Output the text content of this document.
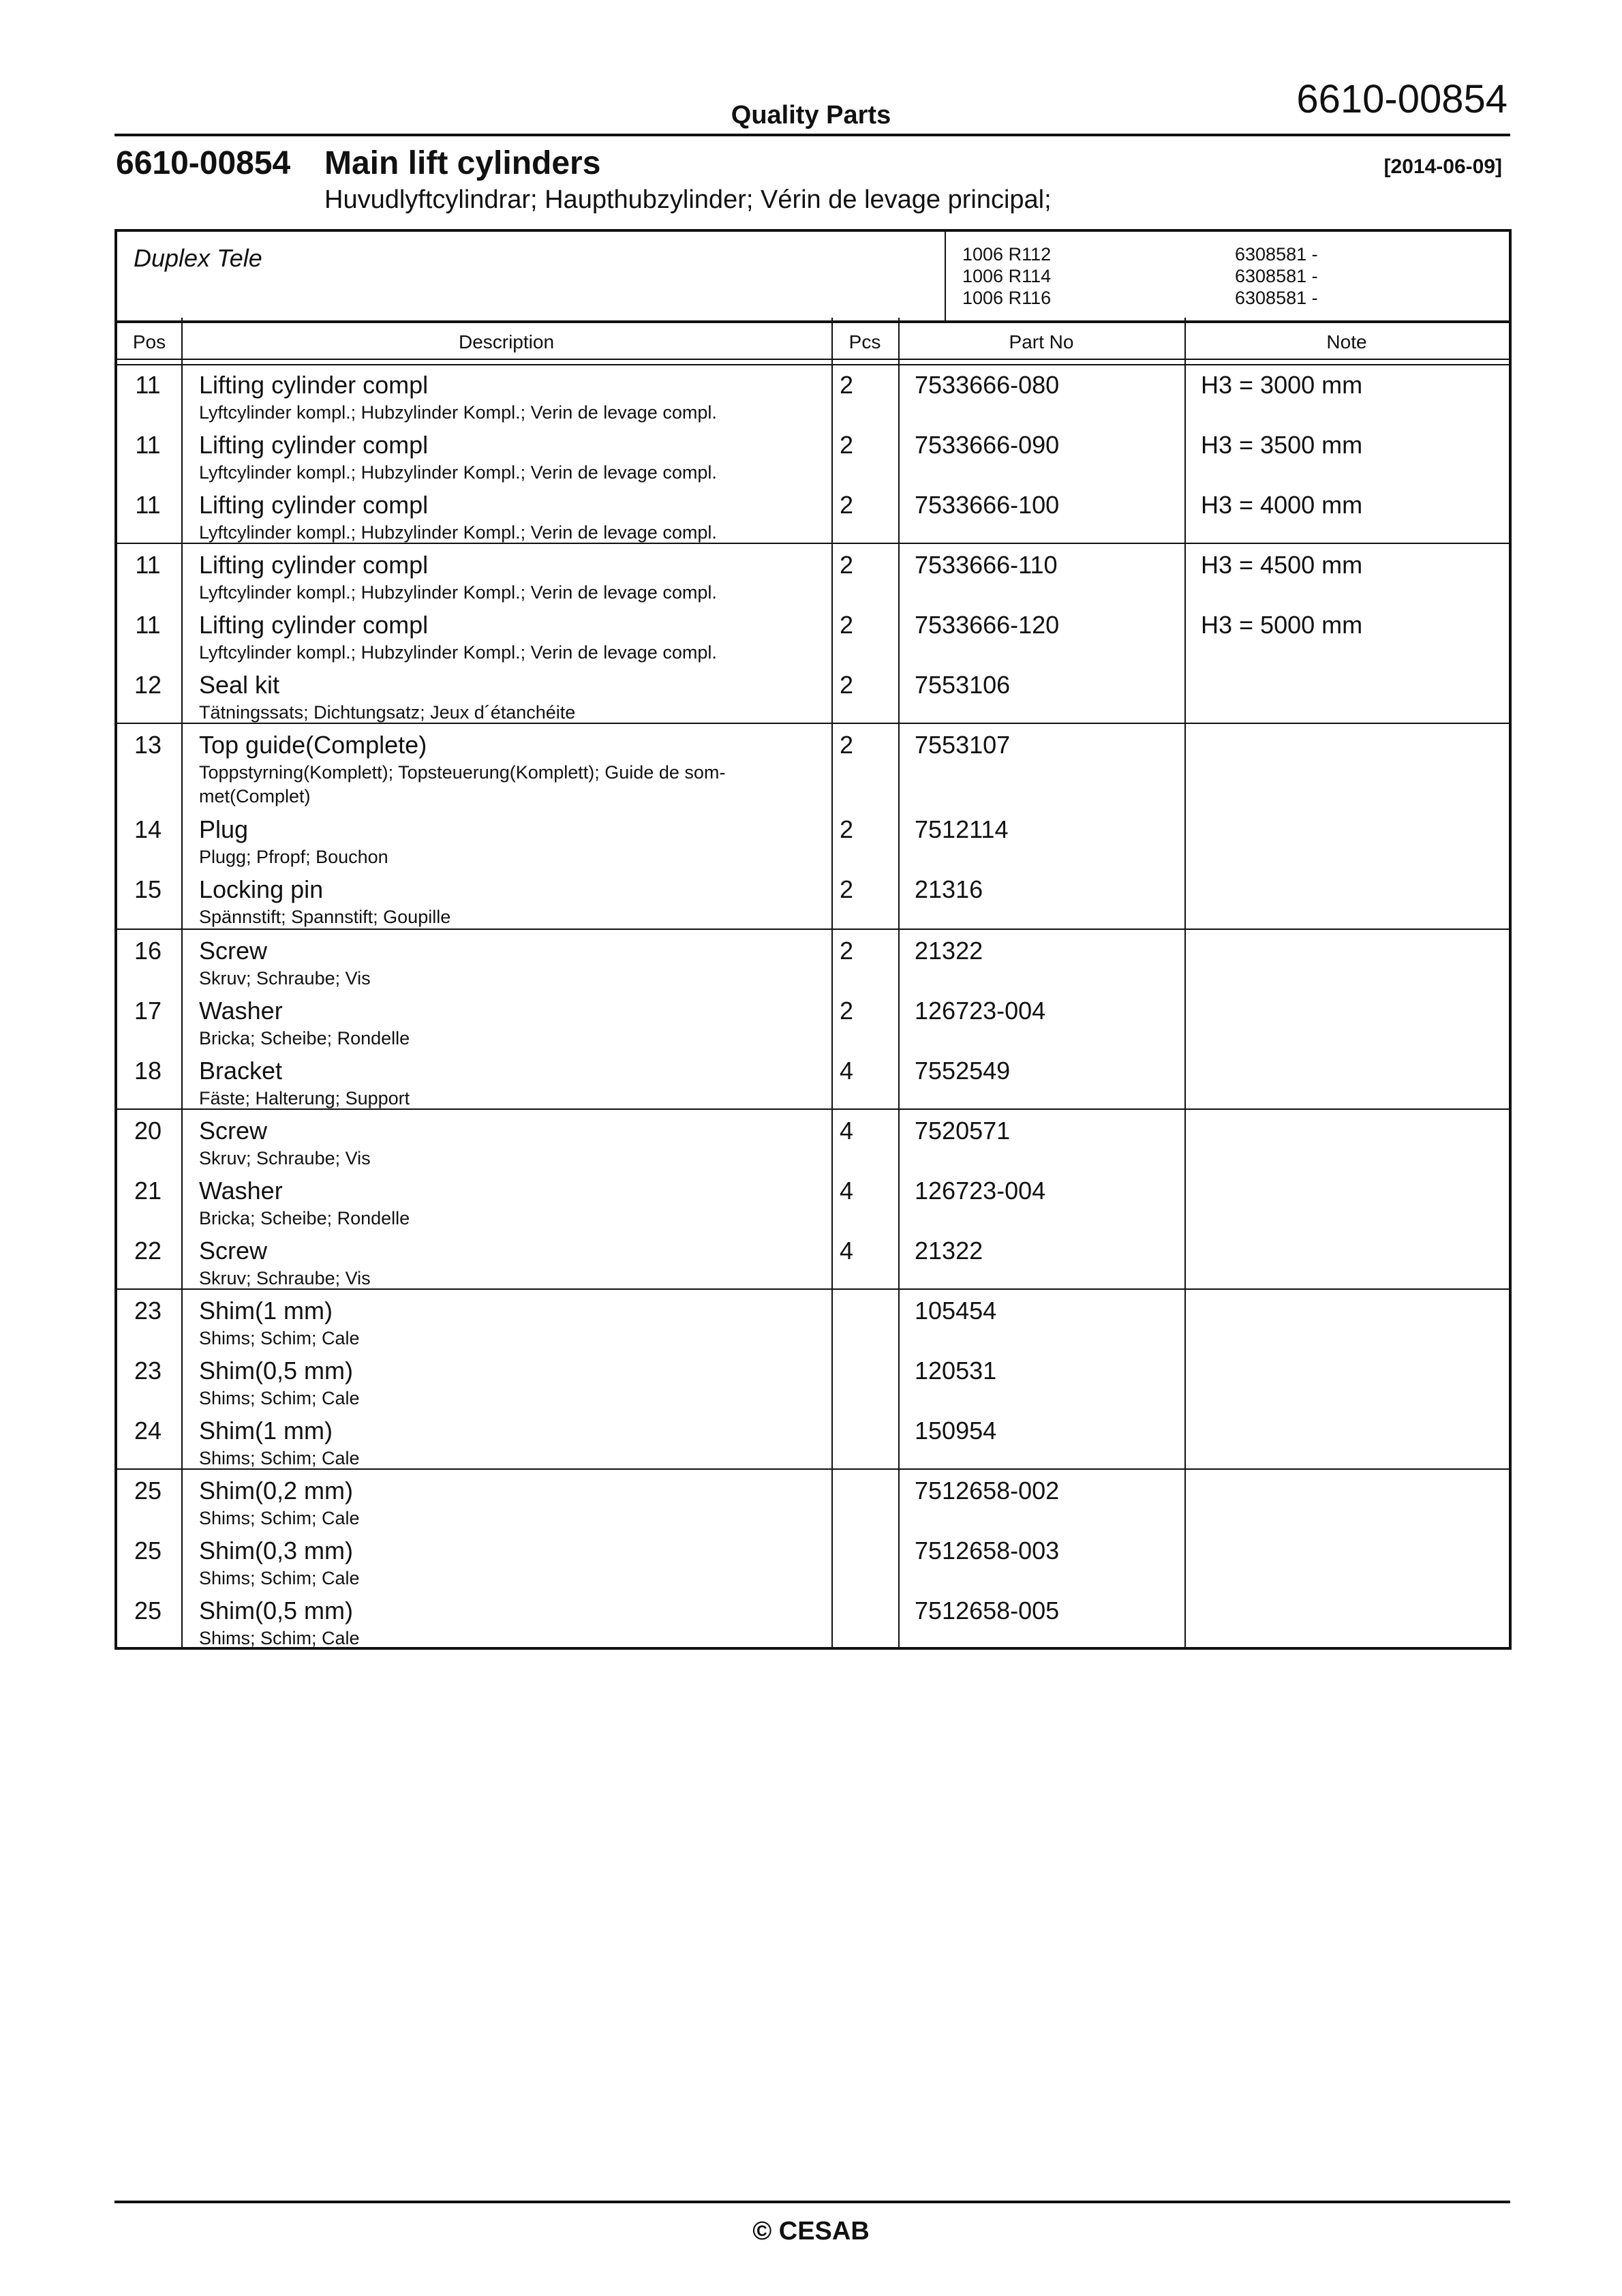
Quality Parts	6610-00854
6610-00854 Main lift cylinders	[2014-06-09]
Huvudlyftcylindrar; Haupthubzylinder; Vérin de levage principal;
Duplex Tele	1006 R112	6308581 -
1006 R114	6308581 -
1006 R116	6308581 -
Pos	Description	Pcs	Part No	Note
11	Lifting cylinder compl
Lyftcylinder kompl.; Hubzylinder Kompl.; Verin de levage compl.
2 7533666-080	H3 = 3000 mm
11	Lifting cylinder compl
Lyftcylinder kompl.; Hubzylinder Kompl.; Verin de levage compl.
2 7533666-090	H3 = 3500 mm
11	Lifting cylinder compl
Lyftcylinder kompl.; Hubzylinder Kompl.; Verin de levage compl.
2 7533666-100	H3 = 4000 mm
11	Lifting cylinder compl
Lyftcylinder kompl.; Hubzylinder Kompl.; Verin de levage compl.
2 7533666-110	H3 = 4500 mm
11	Lifting cylinder compl
Lyftcylinder kompl.; Hubzylinder Kompl.; Verin de levage compl.
2 7533666-120	H3 = 5000 mm
12	Seal kit
Tätningssats; Dichtungsatz; Jeux d´étanchéite
2 7553106
13	Top guide(Complete)
Toppstyrning(Komplett); Topsteuerung(Komplett); Guide de som-met(Complet)
2 7553107
14	Plug
Plugg; Pfropf; Bouchon
2 7512114
15	Locking pin
Spännstift; Spannstift; Goupille
2 21316
16	Screw
Skruv; Schraube; Vis
2 21322
17	Washer
Bricka; Scheibe; Rondelle
2 126723-004
18	Bracket
Fäste; Halterung; Support
4 7552549
20	Screw
Skruv; Schraube; Vis
4 7520571
21	Washer
Bricka; Scheibe; Rondelle
4 126723-004
22	Screw
Skruv; Schraube; Vis
4 21322
23	Shim(1 mm)
Shims; Schim; Cale
105454
23	Shim(0,5 mm)
Shims; Schim; Cale
120531
24	Shim(1 mm)
Shims; Schim; Cale
150954
25	Shim(0,2 mm)
Shims; Schim; Cale
7512658-002
25	Shim(0,3 mm)
Shims; Schim; Cale
7512658-003
25	Shim(0,5 mm)
Shims; Schim; Cale
7512658-005
© CESAB
